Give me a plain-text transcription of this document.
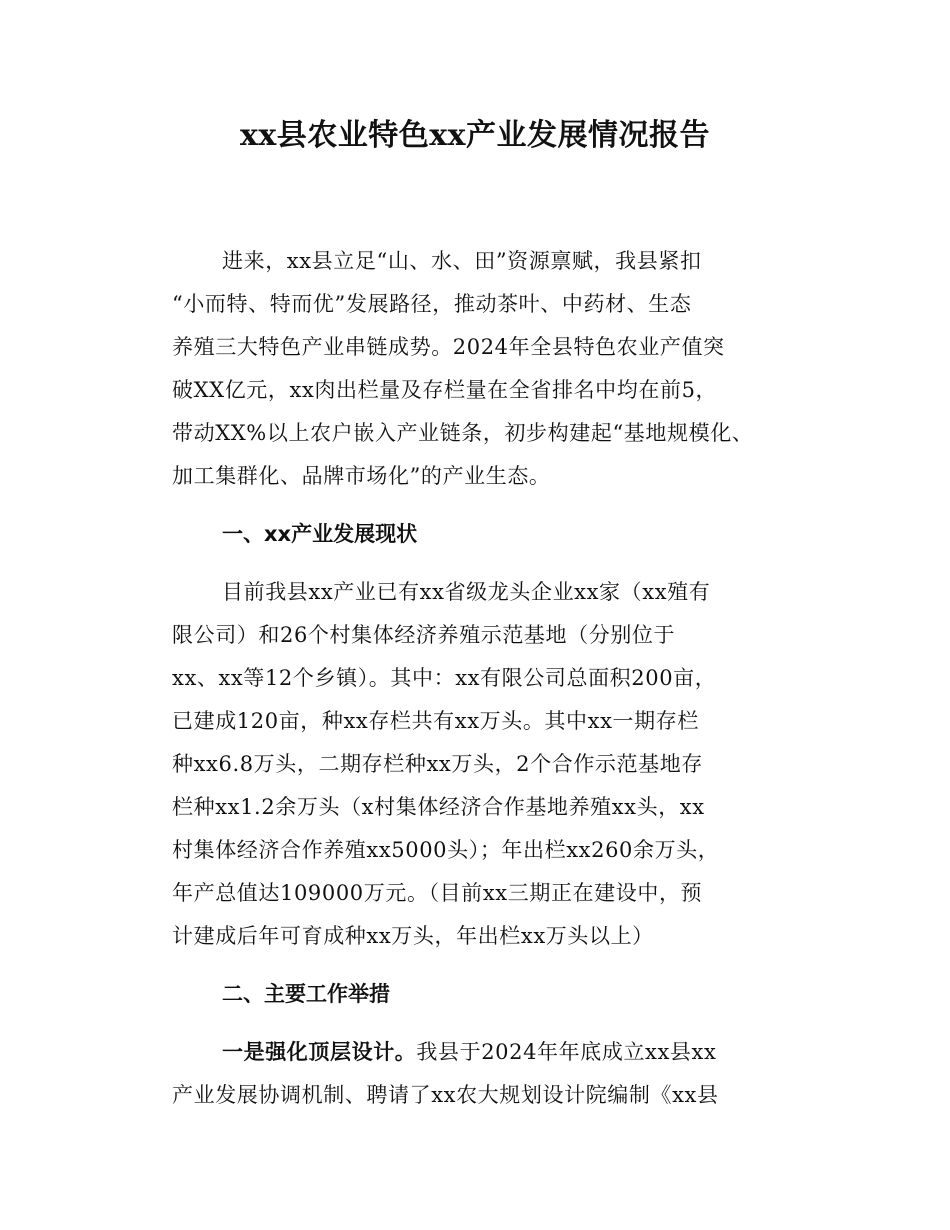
xx县农业特色xx产业发展情况报告
进来，xx县立足“山、水、田”资源禀赋，我县紧扣
“小而特、特而优”发展路径，推动茶叶、中药材、生态
养殖三大特色产业串链成势。2024年全县特色农业产值突
破XX亿元，xx肉出栏量及存栏量在全省排名中均在前5，
带动XX%以上农户嵌入产业链条，初步构建起“基地规模化、
加工集群化、品牌市场化”的产业生态。
一、xx产业发展现状
目前我县xx产业已有xx省级龙头企业xx家（xx殖有
限公司）和26个村集体经济养殖示范基地（分别位于
xx、xx等12个乡镇）。其中：xx有限公司总面积200亩，
已建成120亩，种xx存栏共有xx万头。其中xx一期存栏
种xx6.8万头，二期存栏种xx万头，2个合作示范基地存
栏种xx1.2余万头（x村集体经济合作基地养殖xx头，xx
村集体经济合作养殖xx5000头）；年出栏xx260余万头，
年产总值达109000万元。（目前xx三期正在建设中，预
计建成后年可育成种xx万头，年出栏xx万头以上）
二、主要工作举措
一是强化顶层设计。我县于2024年年底成立xx县xx
产业发展协调机制、聘请了xx农大规划设计院编制《xx县
